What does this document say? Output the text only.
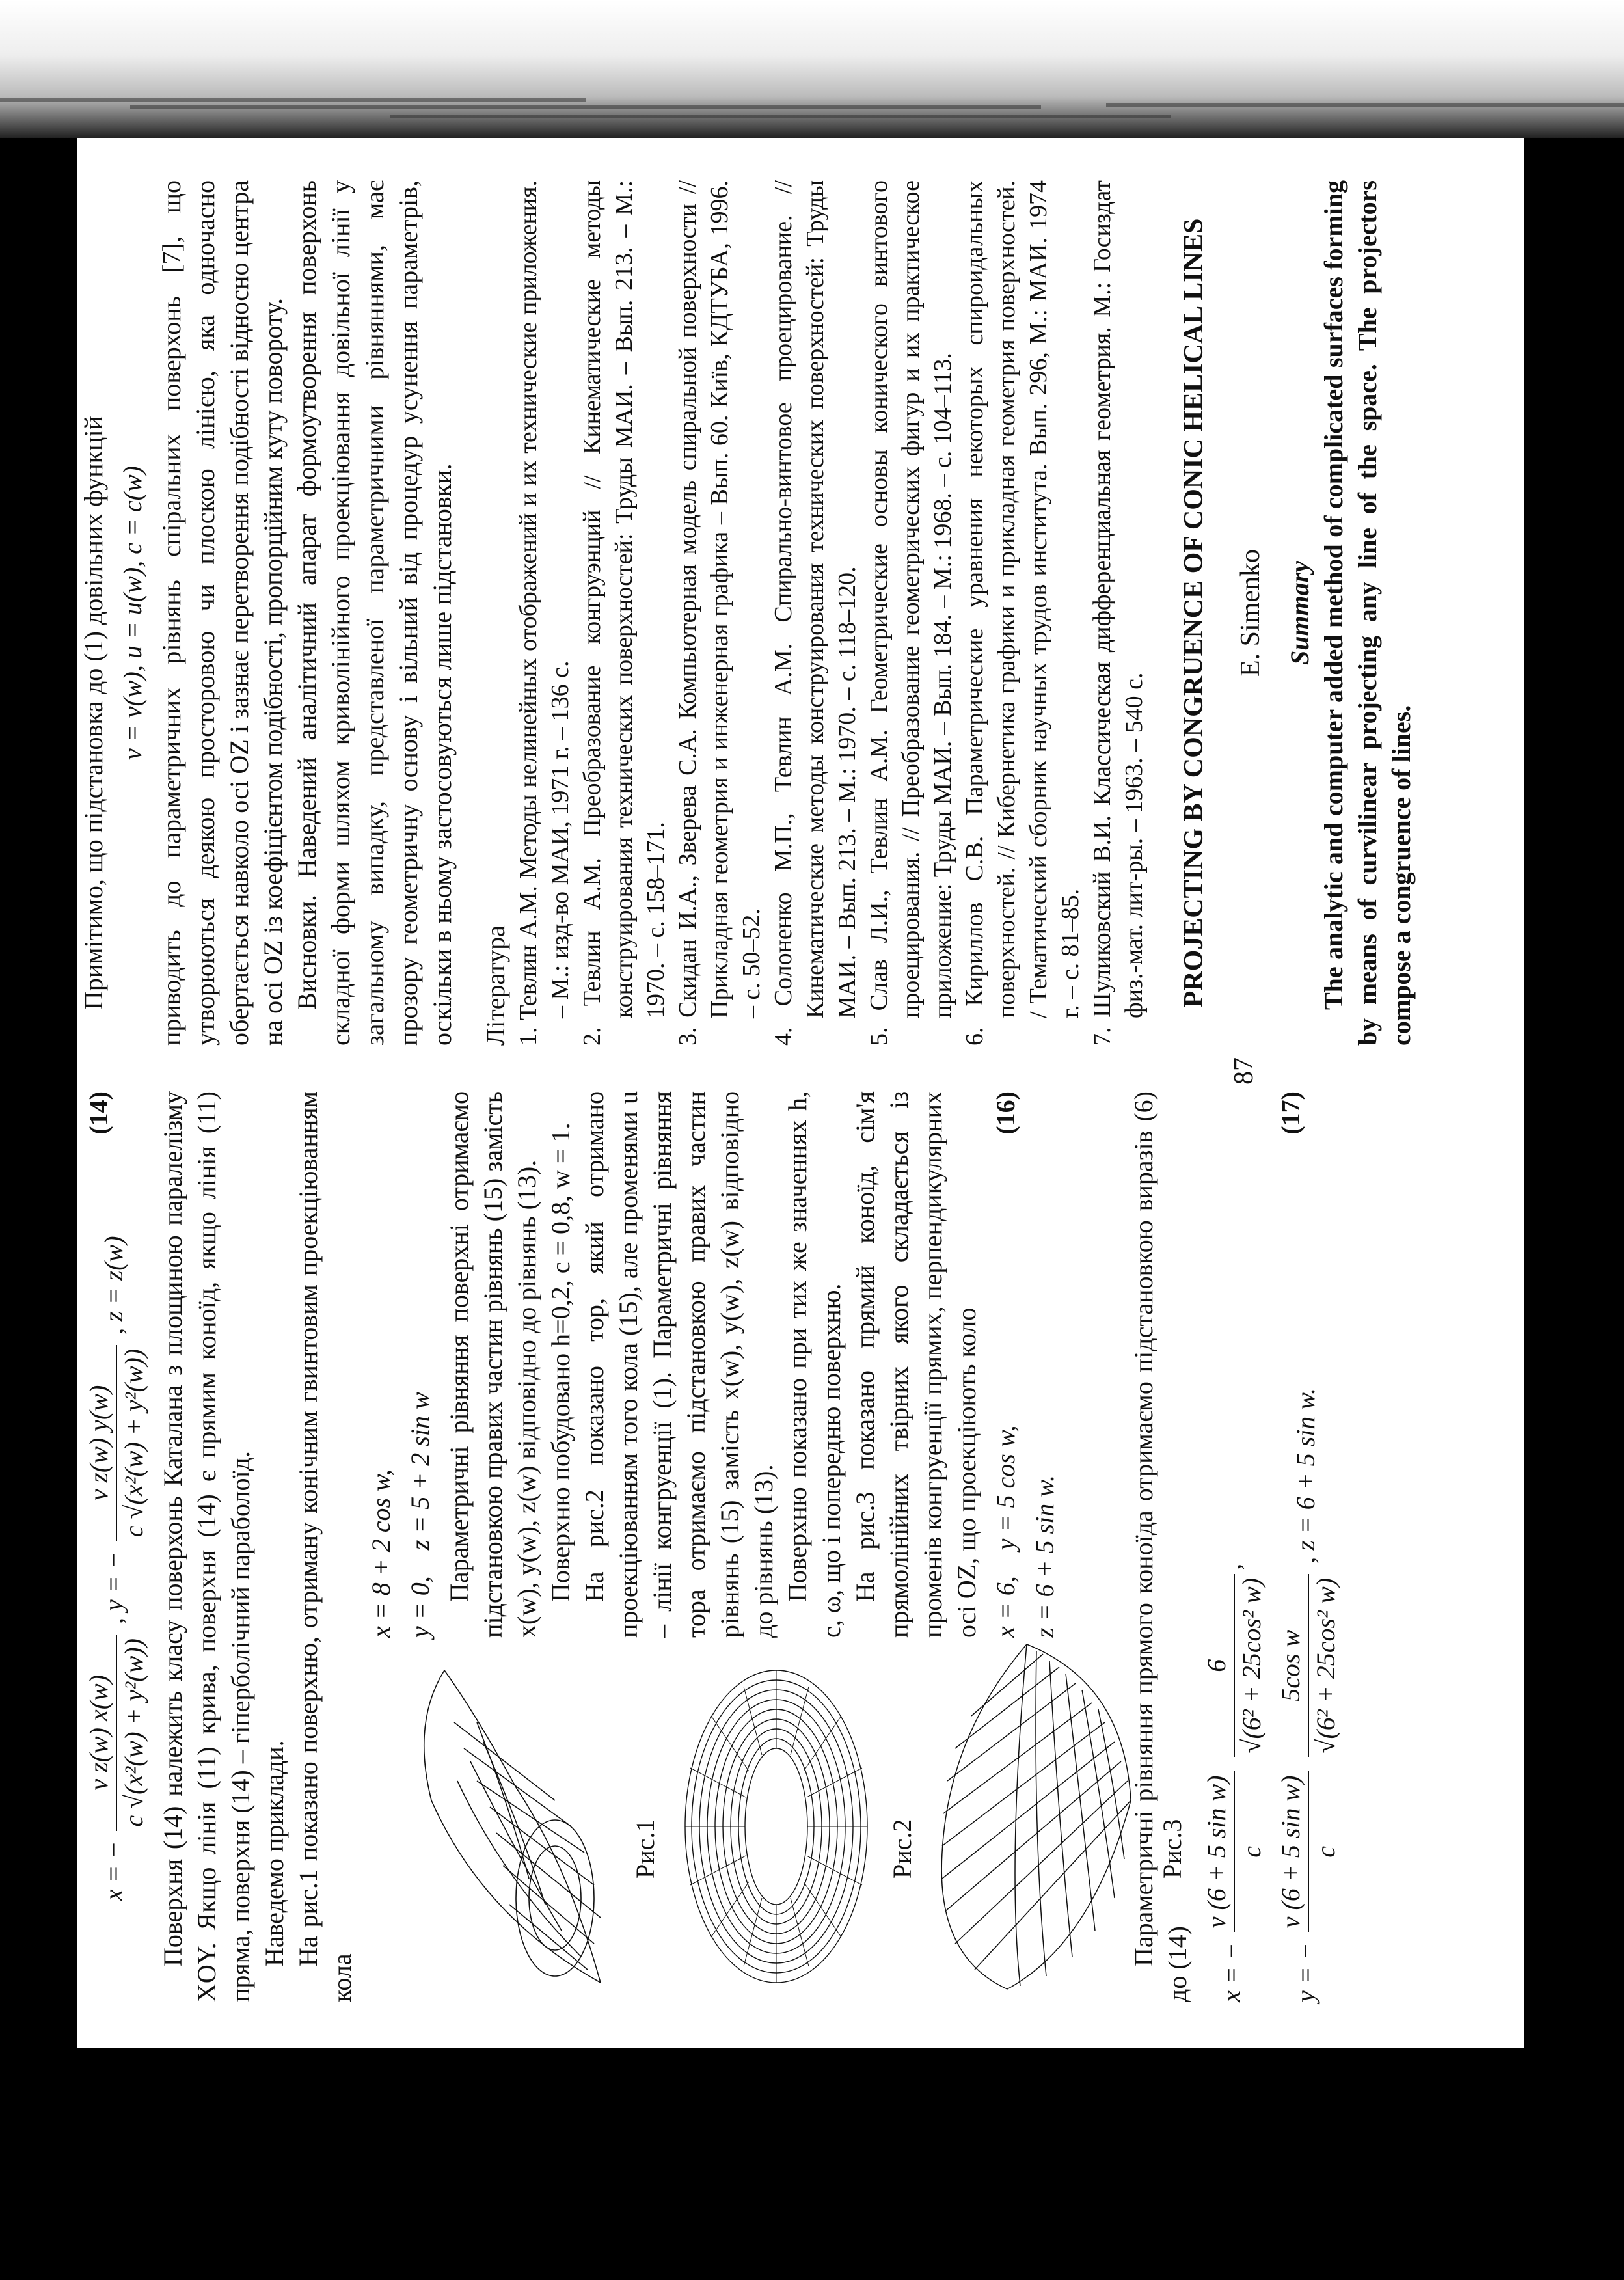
x = −
v z(w) x(w) c √(x²(w) + y²(w))
, y = −
v z(w) y(w) c √(x²(w) + y²(w))
, z = z(w)
(14) Поверхня (14) належить класу поверхонь Каталана з площиною паралелізму XOY. Якщо лінія (11) крива, поверхня (14) є прямим коноїд, якщо лінія (11) пряма, поверхня (14) – гіперболічний параболоїд. Наведемо приклади. На рис.1 показано поверхню, отриману конічним гвинтовим проекціюванням кола

x = 8 + 2 cos w, y = 0,    z = 5 + 2 sin w Параметричні рівняння поверхні отримаємо підстановкою правих частин рівнянь (15) замість x(w), y(w), z(w) відповідно до рівнянь (13). Поверхню побудовано h=0,2, c = 0,8, w = 1. На рис.2 показано тор, який отримано проекціюванням того кола (15), але променями u – лінії конгруенції (1). Параметричні рівняння тора отримаємо підстановкою правих частин рівнянь (15) замість x(w), y(w), z(w) відповідно до рівнянь (13). Поверхню показано при тих же значеннях h, c, ω, що і попередню поверхню. На рис.3 показано прямий коноїд, сім'я прямолінійних твірних якого складається із променів конгруенції прямих, перпендикулярних осі OZ, що проекціюють коло x = 6,    y = 5 cos w,
(16)
z = 6 + 5 sin w.	Параметричні рівняння прямого коноїда отримаємо підстановкою виразів (6) до (14) x = −
v (6 + 5 sin w) c

6 √(6² + 25cos² w)
,
y = −
v (6 + 5 sin w) c

5cos w √(6² + 25cos² w)
, z = 6 + 5 sin w.
(17)
Рис.1	Рис.2	Рис.3
87

Примітимо, що підстановка до (1) довільних функцій v = v(w), u = u(w), c = c(w) приводить до параметричних рівнянь спіральних поверхонь [7], що утворюються деякою просторовою чи плоскою лінією, яка одночасно обертається навколо осі OZ і зазнає перетворення подібності відносно центра на осі OZ із коефіцієнтом подібності, пропорційним куту повороту. Висновки. Наведений аналітичний апарат формоутворення поверхонь складної форми шляхом криволінійного проекціювання довільної лінії у загальному випадку, представленої параметричними рівняннями, має прозору геометричну основу і вільний від процедур усунення параметрів, оскільки в ньому застосовуються лише підстановки. Література 1. Тевлин А.М. Методы нелинейных отображений и их технические приложения. – М.: изд-во МАИ, 1971 г. – 136 с. 2. Тевлин А.М. Преобразование конгруэнций // Кинематические методы конструирования технических поверхностей: Труды МАИ. – Вып. 213. – М.: 1970. – с. 158–171. 3. Скидан И.А., Зверева С.А. Компьютерная модель спиральной поверхности // Прикладная геометрия и инженерная графика – Вып. 60. Київ, КДТУБА, 1996. – с. 50–52. 4. Солоненко М.П., Тевлин А.М. Спирально-винтовое проецирование. // Кинематические методы конструирования технических поверхностей: Труды МАИ. – Вып. 213. – М.: 1970. – с. 118–120. 5. Слав Л.И., Тевлин А.М. Геометрические основы конического винтового проецирования. // Преобразование геометрических фигур и их практическое приложение: Труды МАИ. – Вып. 184. – М.: 1968. – с. 104–113. 6. Кириллов С.В. Параметрические уравнения некоторых спироидальных поверхностей. // Кибернетика графики и прикладная геометрия поверхностей. / Тематический сборник научных трудов института. Вып. 296, М.: МАИ. 1974 г. – с. 81–85. 7. Шуликовский В.И. Классическая дифференциальная геометрия. М.: Госиздат физ.-мат. лит-ры. – 1963. – 540 с. PROJECTING BY CONGRUENCE OF CONIC HELICAL LINES E. Simenko Summary The analytic and computer added method of complicated surfaces forming by means of curvilinear projecting any line of the space. The projectors compose a congruence of lines.
